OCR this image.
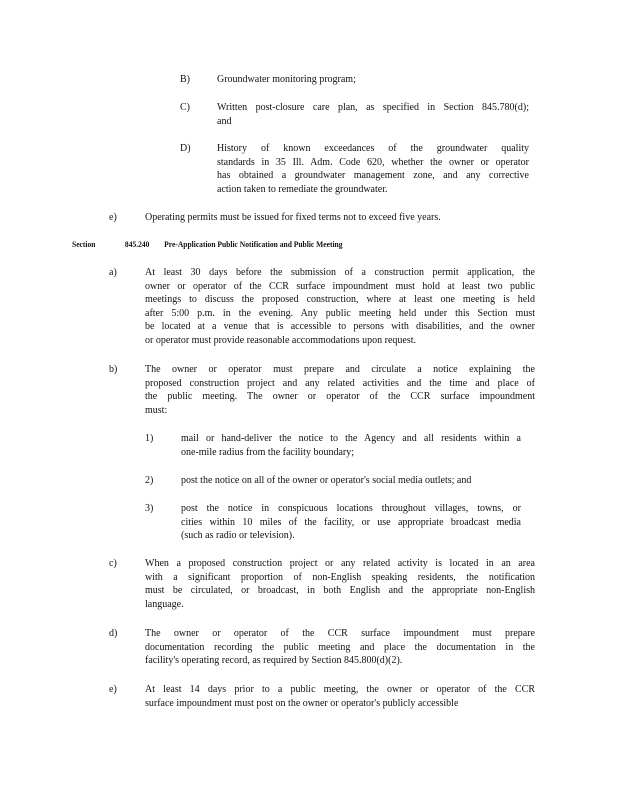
B)	Groundwater monitoring program;
C)	Written post-closure care plan, as specified in Section 845.780(d);
and
D)	History of known exceedances of the groundwater quality
standards in 35 Ill. Adm. Code 620, whether the owner or operator
has obtained a groundwater management zone, and any corrective
action taken to remediate the groundwater.
e)	Operating permits must be issued for fixed terms not to exceed five years.
Section	845.240 Pre-Application Public Notification and Public Meeting
a)	At least 30 days before the submission of a construction permit application, the
owner or operator of the CCR surface impoundment must hold at least two public
meetings to discuss the proposed construction, where at least one meeting is held
after 5:00 p.m. in the evening. Any public meeting held under this Section must
be located at a venue that is accessible to persons with disabilities, and the owner
or operator must provide reasonable accommodations upon request.
b)	The owner or operator must prepare and circulate a notice explaining the
proposed construction project and any related activities and the time and place of
the public meeting. The owner or operator of the CCR surface impoundment
must:
1)	mail or hand-deliver the notice to the Agency and all residents within a
one-mile radius from the facility boundary;
2)	post the notice on all of the owner or operator's social media outlets; and
3)	post the notice in conspicuous locations throughout villages, towns, or
cities within 10 miles of the facility, or use appropriate broadcast media
(such as radio or television).
c)	When a proposed construction project or any related activity is located in an area
with a significant proportion of non-English speaking residents, the notification
must be circulated, or broadcast, in both English and the appropriate non-English
language.
d)	The owner or operator of the CCR surface impoundment must prepare
documentation recording the public meeting and place the documentation in the
facility's operating record, as required by Section 845.800(d)(2).
e)	At least 14 days prior to a public meeting, the owner or operator of the CCR
surface impoundment must post on the owner or operator's publicly accessible
